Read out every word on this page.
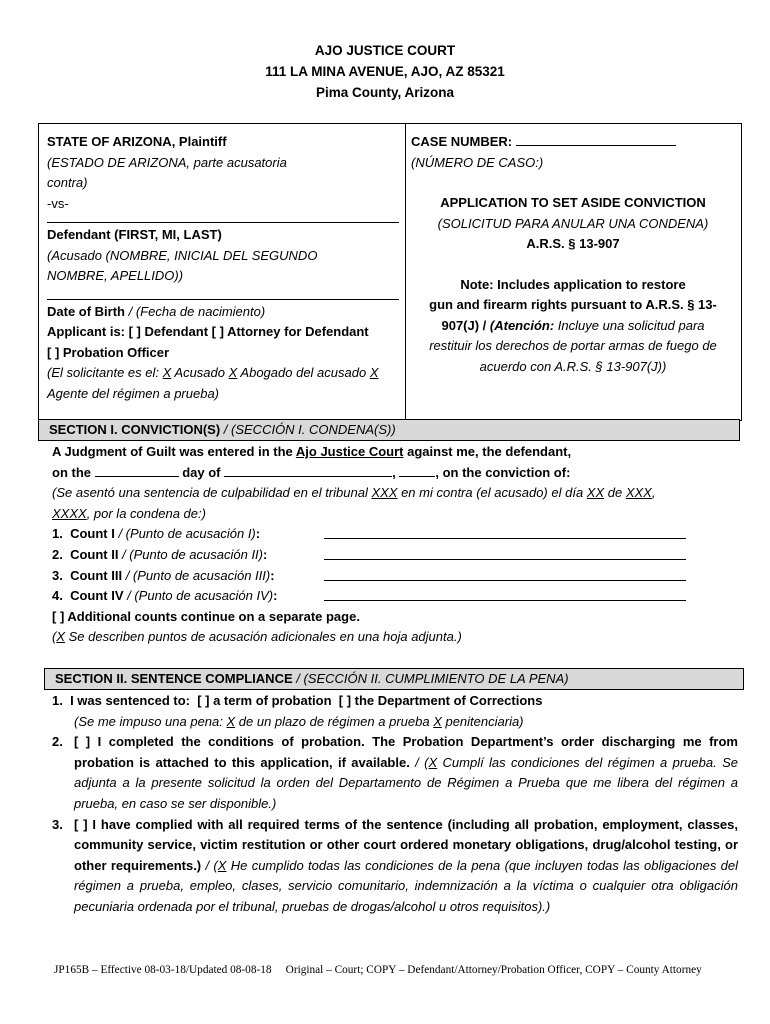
AJO JUSTICE COURT
111 LA MINA AVENUE, AJO, AZ 85321
Pima County, Arizona
STATE OF ARIZONA, Plaintiff
(ESTADO DE ARIZONA, parte acusatoria
contra)
-vs-
Defendant (FIRST, MI, LAST)
(Acusado (NOMBRE, INICIAL DEL SEGUNDO
NOMBRE, APELLIDO))
Date of Birth / (Fecha de nacimiento)
Applicant is: [ ] Defendant [ ] Attorney for Defendant
[ ] Probation Officer
(El solicitante es el: X Acusado X Abogado del acusado X
Agente del régimen a prueba)
CASE NUMBER:
(NÚMERO DE CASO:)
APPLICATION TO SET ASIDE CONVICTION
(SOLICITUD PARA ANULAR UNA CONDENA)
A.R.S. § 13-907
Note: Includes application to restore
gun and firearm rights pursuant to A.R.S. § 13-
907(J) / (Atención: Incluye una solicitud para
restituir los derechos de portar armas de fuego de
acuerdo con A.R.S. § 13-907(J))
SECTION I. CONVICTION(S) / (SECCIÓN I. CONDENA(S))
A Judgment of Guilt was entered in the Ajo Justice Court against me, the defendant,
on the	day of	,	, on the conviction of:
(Se asentó una sentencia de culpabilidad en el tribunal XXX en mi contra (el acusado) el día XX de XXX,
XXXX, por la condena de:)
1. Count I / (Punto de acusación I):
2. Count II / (Punto de acusación II):
3. Count III / (Punto de acusación III):
4. Count IV / (Punto de acusación IV):
[ ] Additional counts continue on a separate page.
(X Se describen puntos de acusación adicionales en una hoja adjunta.)
SECTION II. SENTENCE COMPLIANCE / (SECCIÓN II. CUMPLIMIENTO DE LA PENA)
1.  I was sentenced to:  [ ] a term of probation  [ ] the Department of Corrections
(Se me impuso una pena: X de un plazo de régimen a prueba X penitenciaria)
2. [ ] I completed the conditions of probation. The Probation Department’s order discharging me from probation is attached to this application, if available. / (X Cumplí las condiciones del régimen a prueba. Se adjunta a la presente solicitud la orden del Departamento de Régimen a Prueba que me libera del régimen a prueba, en caso se ser disponible.)
3. [ ] I have complied with all required terms of the sentence (including all probation, employment, classes, community service, victim restitution or other court ordered monetary obligations, drug/alcohol testing, or other requirements.) / (X He cumplido todas las condiciones de la pena (que incluyen todas las obligaciones del régimen a prueba, empleo, clases, servicio comunitario, indemnización a la víctima o cualquier otra obligación pecuniaria ordenada por el tribunal, pruebas de drogas/alcohol u otros requisitos).)
JP165B – Effective 08-03-18/Updated 08-08-18 Original – Court; COPY – Defendant/Attorney/Probation Officer, COPY – County Attorney
